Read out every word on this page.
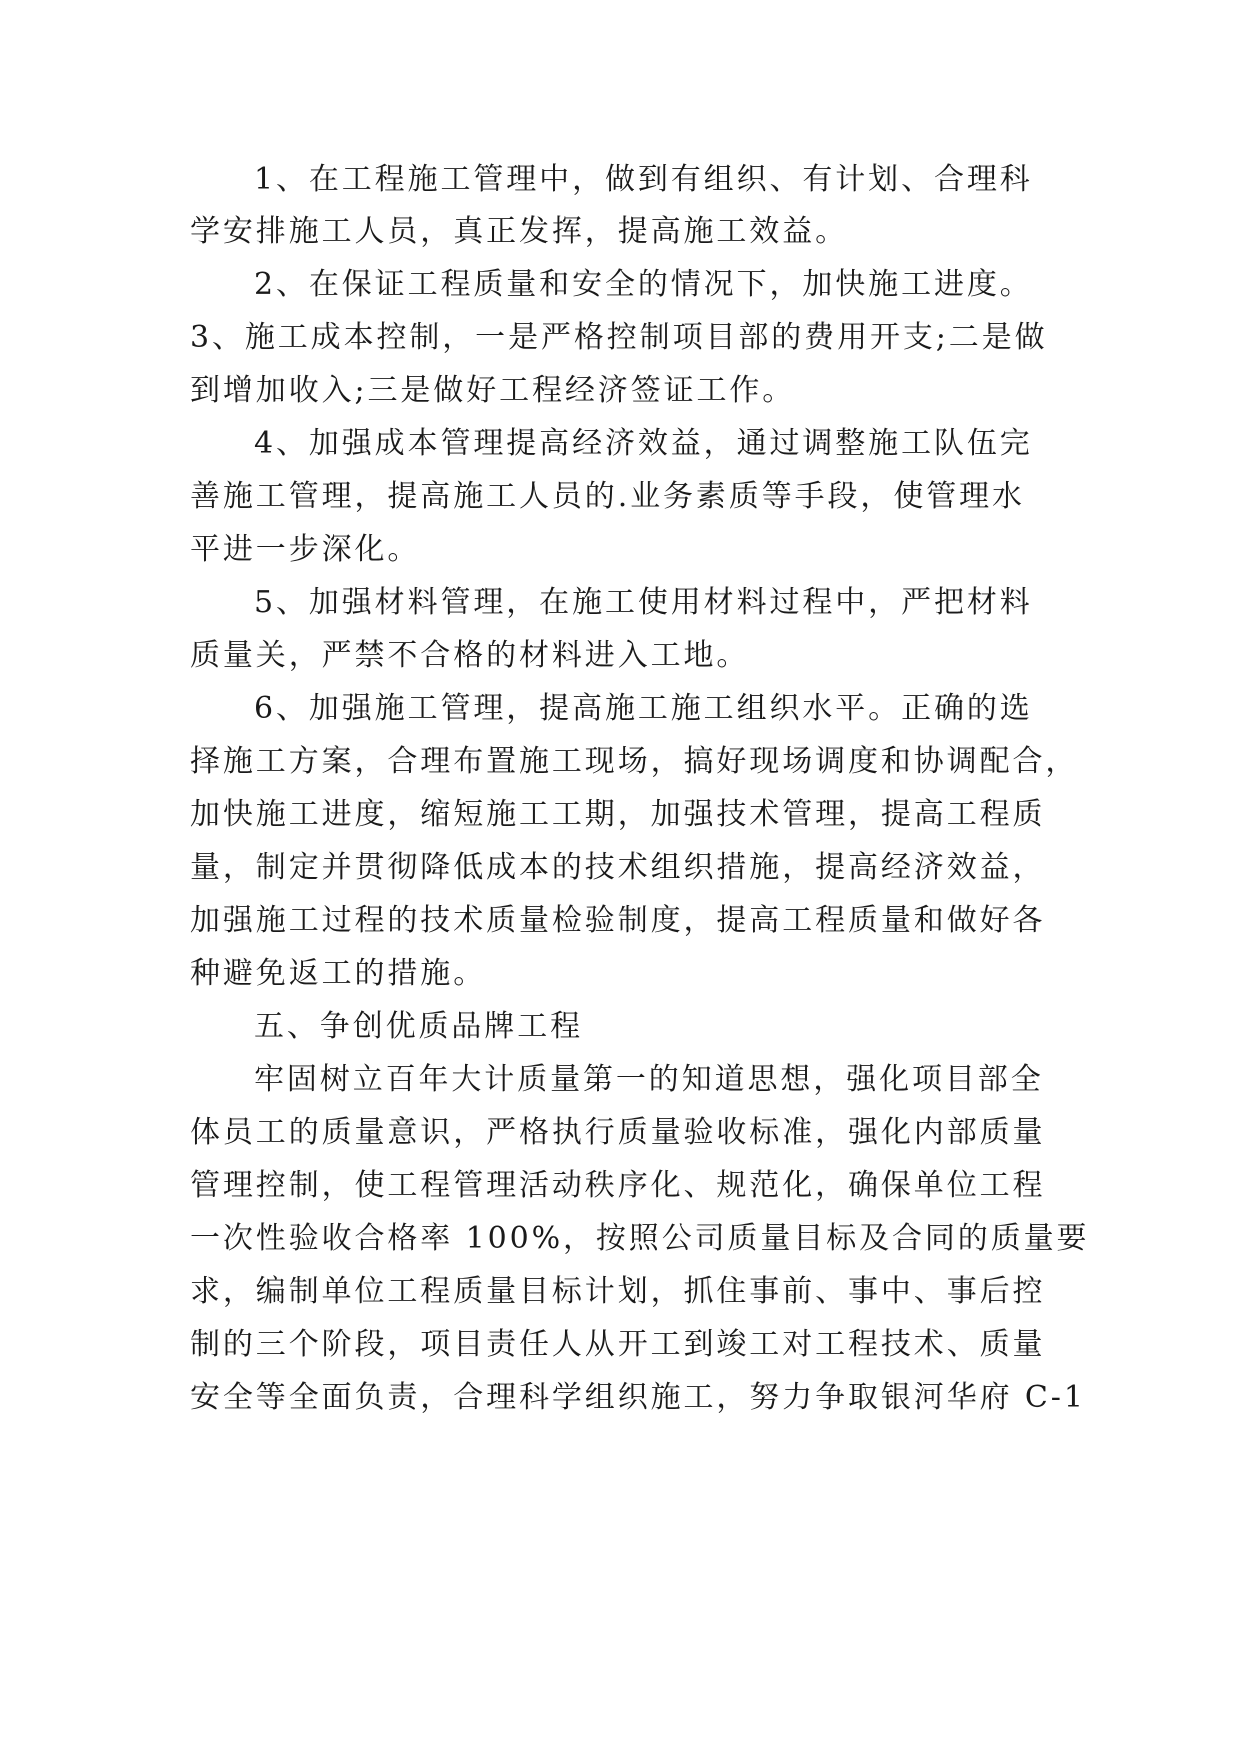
1、在工程施工管理中，做到有组织、有计划、合理科
学安排施工人员，真正发挥，提高施工效益。
2、在保证工程质量和安全的情况下，加快施工进度。
3、施工成本控制，一是严格控制项目部的费用开支;二是做
到增加收入;三是做好工程经济签证工作。
4、加强成本管理提高经济效益，通过调整施工队伍完
善施工管理，提高施工人员的.业务素质等手段，使管理水
平进一步深化。
5、加强材料管理，在施工使用材料过程中，严把材料
质量关，严禁不合格的材料进入工地。
6、加强施工管理，提高施工施工组织水平。正确的选
择施工方案，合理布置施工现场，搞好现场调度和协调配合，
加快施工进度，缩短施工工期，加强技术管理，提高工程质
量，制定并贯彻降低成本的技术组织措施，提高经济效益，
加强施工过程的技术质量检验制度，提高工程质量和做好各
种避免返工的措施。
五、争创优质品牌工程
牢固树立百年大计质量第一的知道思想，强化项目部全
体员工的质量意识，严格执行质量验收标准，强化内部质量
管理控制，使工程管理活动秩序化、规范化，确保单位工程
一次性验收合格率 100%，按照公司质量目标及合同的质量要
求，编制单位工程质量目标计划，抓住事前、事中、事后控
制的三个阶段，项目责任人从开工到竣工对工程技术、质量
安全等全面负责，合理科学组织施工，努力争取银河华府 C-1
